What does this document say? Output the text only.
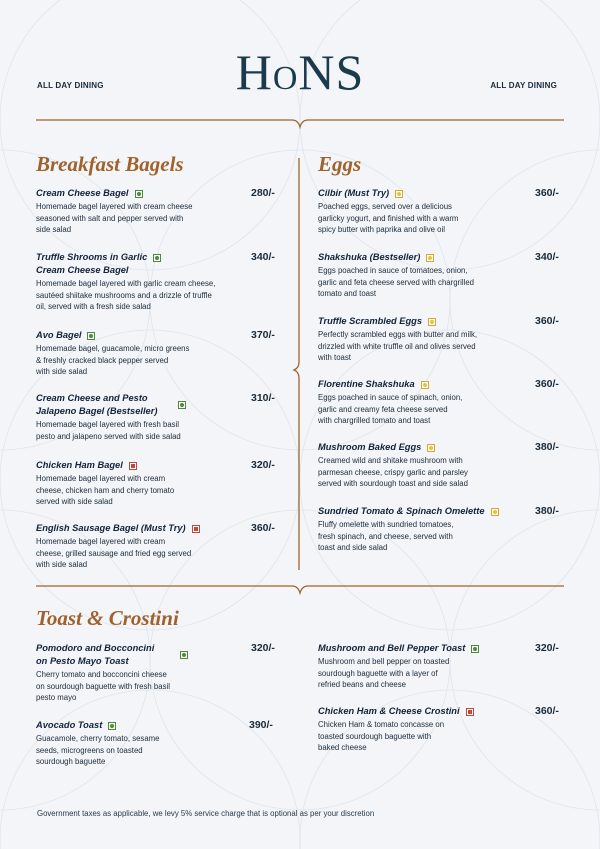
HONS
ALL DAY DINING	ALL DAY DINING
Breakfast Bagels
Cream Cheese Bagel
Homemade bagel layered with cream cheese
seasoned with salt and pepper served with
side salad
280/-
Truffle Shrooms in Garlic
Cream Cheese Bagel
Homemade bagel layered with garlic cream cheese,
sautéed shiitake mushrooms and a drizzle of truffle
oil, served with a fresh side salad
340/-
Avo Bagel
Homemade bagel, guacamole, micro greens
& freshly cracked black pepper served
with side salad
370/-
Cream Cheese and Pesto
Jalapeno Bagel (Bestseller)
Homemade bagel layered with fresh basil
pesto and jalapeno served with side salad
310/-
Chicken Ham Bagel
Homemade bagel layered with cream
cheese, chicken ham and cherry tomato
served with side salad
320/-
English Sausage Bagel (Must Try)
Homemade bagel layered with cream
cheese, grilled sausage and fried egg served
with side salad
360/-
Eggs
Cilbir (Must Try)
Poached eggs, served over a delicious
garlicky yogurt, and finished with a warm
spicy butter with paprika and olive oil
360/-
Shakshuka (Bestseller)
Eggs poached in sauce of tomatoes, onion,
garlic and feta cheese served with chargrilled
tomato and toast
340/-
Truffle Scrambled Eggs
Perfectly scrambled eggs with butter and milk,
drizzled with white truffle oil and olives served
with toast
360/-
Florentine Shakshuka
Eggs poached in sauce of spinach, onion,
garlic and creamy feta cheese served
with chargrilled tomato and toast
360/-
Mushroom Baked Eggs
Creamed wild and shitake mushroom with
parmesan cheese, crispy garlic and parsley
served with sourdough toast and side salad
380/-
Sundried Tomato & Spinach Omelette
Fluffy omelette with sundried tomatoes,
fresh spinach, and cheese, served with
toast and side salad
380/-
Toast & Crostini
Pomodoro and Bocconcini
on Pesto Mayo Toast
Cherry tomato and bocconcini cheese
on sourdough baguette with fresh basil
pesto mayo
320/-
Avocado Toast
Guacamole, cherry tomato, sesame
seeds, microgreens on toasted
sourdough baguette
390/-
Mushroom and Bell Pepper Toast
Mushroom and bell pepper on toasted
sourdough baguette with a layer of
refried beans and cheese
320/-
Chicken Ham & Cheese Crostini
Chicken Ham & tomato concasse on
toasted sourdough baguette with
baked cheese
360/-
Government taxes as applicable, we levy 5% service charge that is optional as per your discretion
